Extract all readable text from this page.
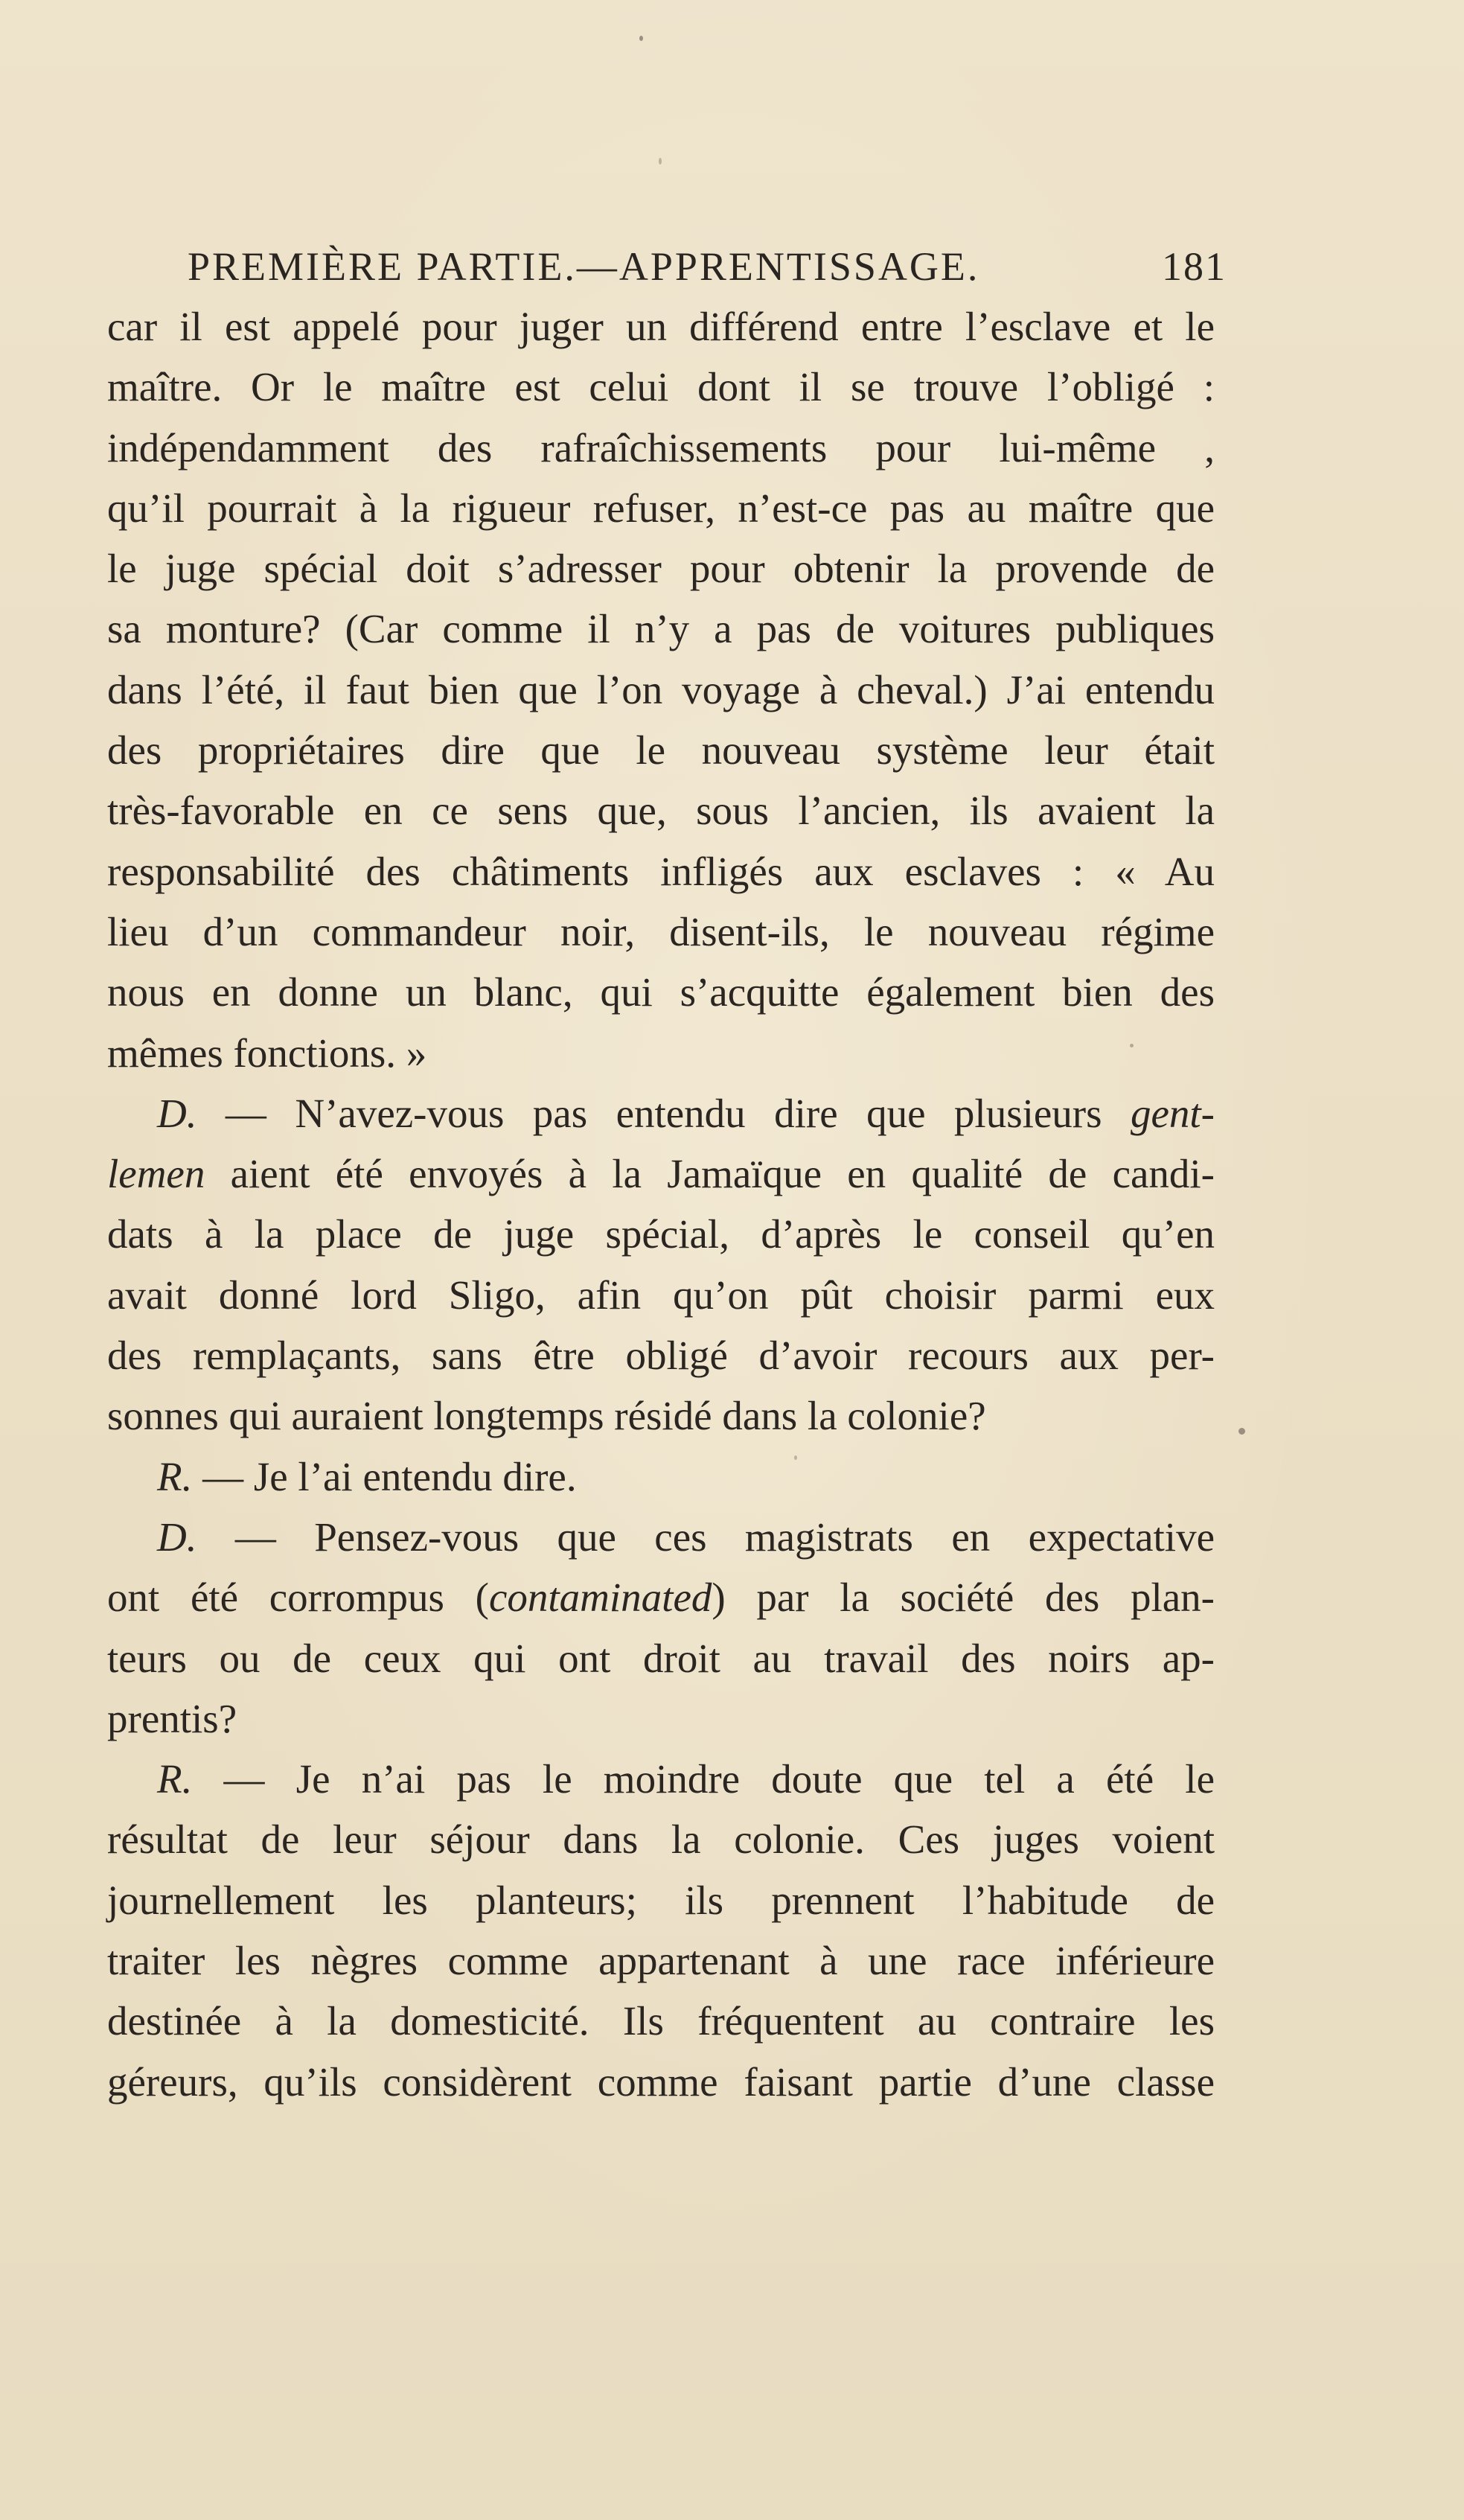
PREMIÈRE PARTIE.—APPRENTISSAGE.	181
car il est appelé pour juger un différend entre l’esclave et le
maître. Or le maître est celui dont il se trouve l’obligé :
indépendamment des rafraîchissements pour lui-même ,
qu’il pourrait à la rigueur refuser, n’est-ce pas au maître que
le juge spécial doit s’adresser pour obtenir la provende de
sa monture? (Car comme il n’y a pas de voitures publiques
dans l’été, il faut bien que l’on voyage à cheval.) J’ai entendu
des propriétaires dire que le nouveau système leur était
très-favorable en ce sens que, sous l’ancien, ils avaient la
responsabilité des châtiments infligés aux esclaves : « Au
lieu d’un commandeur noir, disent-ils, le nouveau régime
nous en donne un blanc, qui s’acquitte également bien des
mêmes fonctions. »
D. — N’avez-vous pas entendu dire que plusieurs gent-
lemen aient été envoyés à la Jamaïque en qualité de candi-
dats à la place de juge spécial, d’après le conseil qu’en
avait donné lord Sligo, afin qu’on pût choisir parmi eux
des remplaçants, sans être obligé d’avoir recours aux per-
sonnes qui auraient longtemps résidé dans la colonie?
R. — Je l’ai entendu dire.
D. — Pensez-vous que ces magistrats en expectative
ont été corrompus (contaminated) par la société des plan-
teurs ou de ceux qui ont droit au travail des noirs ap-
prentis?
R. — Je n’ai pas le moindre doute que tel a été le
résultat de leur séjour dans la colonie. Ces juges voient
journellement les planteurs; ils prennent l’habitude de
traiter les nègres comme appartenant à une race inférieure
destinée à la domesticité. Ils fréquentent au contraire les
géreurs, qu’ils considèrent comme faisant partie d’une classe
